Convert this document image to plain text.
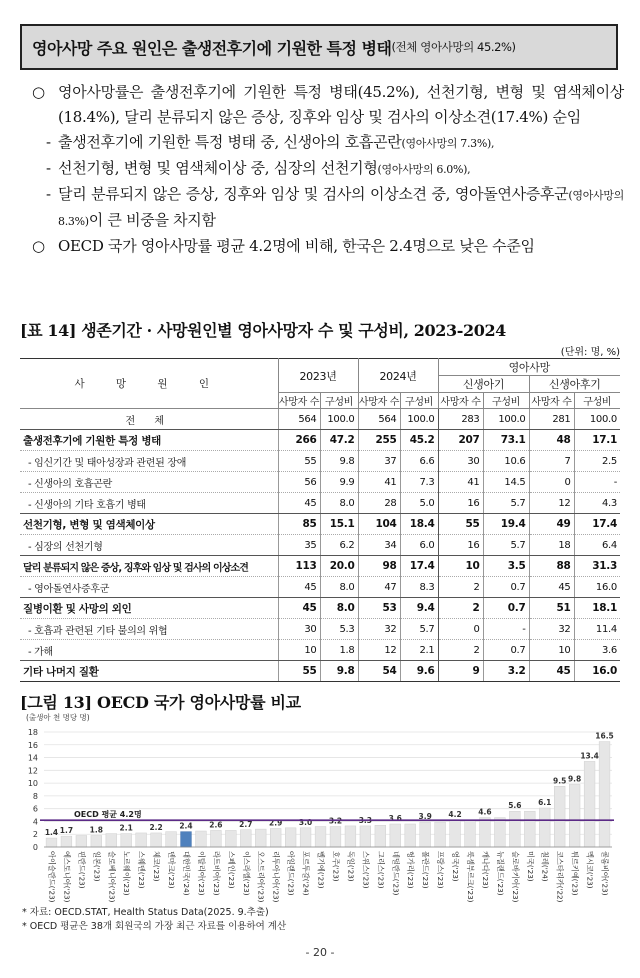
영아사망 주요 원인은 출생전후기에 기원한 특정 병태 (전체 영아사망의 45.2%)
○ 영아사망률은 출생전후기에 기원한 특정 병태(45.2%), 선천기형, 변형 및 염색체이상(18.4%), 달리 분류되지 않은 증상, 징후와 임상 및 검사의 이상소견(17.4%) 순임
- 출생전후기에 기원한 특정 병태 중, 신생아의 호흡곤란(영아사망의 7.3%),
- 선천기형, 변형 및 염색체이상 중, 심장의 선천기형(영아사망의 6.0%),
- 달리 분류되지 않은 증상, 징후와 임상 및 검사의 이상소견 중, 영아돌연사증후군(영아사망의 8.3%)이 큰 비중을 차지함
○ OECD 국가 영아사망률 평균 4.2명에 비해, 한국은 2.4명으로 낮은 수준임
[표 14] 생존기간 · 사망원인별 영아사망자 수 및 구성비, 2023-2024
(단위: 명, %)
사 망 원 인	2023년		2024년		영아사망			
					신생아기		신생아후기	
	사망자 수	구성비	사망자 수	구성비	사망자 수	구성비	사망자 수	구성비
전 체	564	100.0	564	100.0	283	100.0	281	100.0
출생전후기에 기원한 특정 병태	266	47.2	255	45.2	207	73.1	48	17.1
- 임신기간 및 태아성장과 관련된 장애	55	9.8	37	6.6	30	10.6	7	2.5
- 신생아의 호흡곤란	56	9.9	41	7.3	41	14.5	0	-
- 신생아의 기타 호흡기 병태	45	8.0	28	5.0	16	5.7	12	4.3
선천기형, 변형 및 염색체이상	85	15.1	104	18.4	55	19.4	49	17.4
- 심장의 선천기형	35	6.2	34	6.0	16	5.7	18	6.4
달리 분류되지 않은 증상, 징후와 임상 및 검사의 이상소견	113	20.0	98	17.4	10	3.5	88	31.3
- 영아돌연사증후군	45	8.0	47	8.3	2	0.7	45	16.0
질병이환 및 사망의 외인	45	8.0	53	9.4	2	0.7	51	18.1
- 호흡과 관련된 기타 불의의 위협	30	5.3	32	5.7	0	-	32	11.4
- 가해	10	1.8	12	2.1	2	0.7	10	3.6
기타 나머지 질환	55	9.8	54	9.6	9	3.2	45	16.0
[그림 13] OECD 국가 영아사망률 비교
(출생아 천 명당 명)
0
2
4
6
8
10
12
14
16
18
1.4
아이슬란드('23)
1.7
에스토니아('23) 핀란드('23)
1.8
일본('23) 슬로베니아('23)
2.1
노르웨이('23) 스웨덴('23)
2.2
체코('23) 덴마크('23)
2.4
대한민국('24) 이탈리아('23)
2.6
라트비아('23) 스페인('23)
2.7
이스라엘('23) 오스트리아('23)
2.9
리투아니아('23) 아일랜드('23)
3.0
포르투갈('24) 벨기에('23)
3.2
호주('23) 독일('23)
3.3
스위스('23) 그리스('23)
3.6
네덜란드('23) 헝가리('23)
3.9
폴란드('23) 프랑스('23)
4.2
영국('23) 룩셈부르크('23)
4.6
캐나다('23) 뉴질랜드('23)
5.6
슬로바키아('23) 미국('23)
6.1
칠레('24)
9.5
코스타리카('22)
9.8
튀르키예('23)
13.4
멕시코('23)
16.5
콜롬비아('23)
OECD 평균 4.2명
* 자료: OECD.STAT, Health Status Data(2025. 9.추출)
* OECD 평균은 38개 회원국의 가장 최근 자료를 이용하여 계산
- 20 -
